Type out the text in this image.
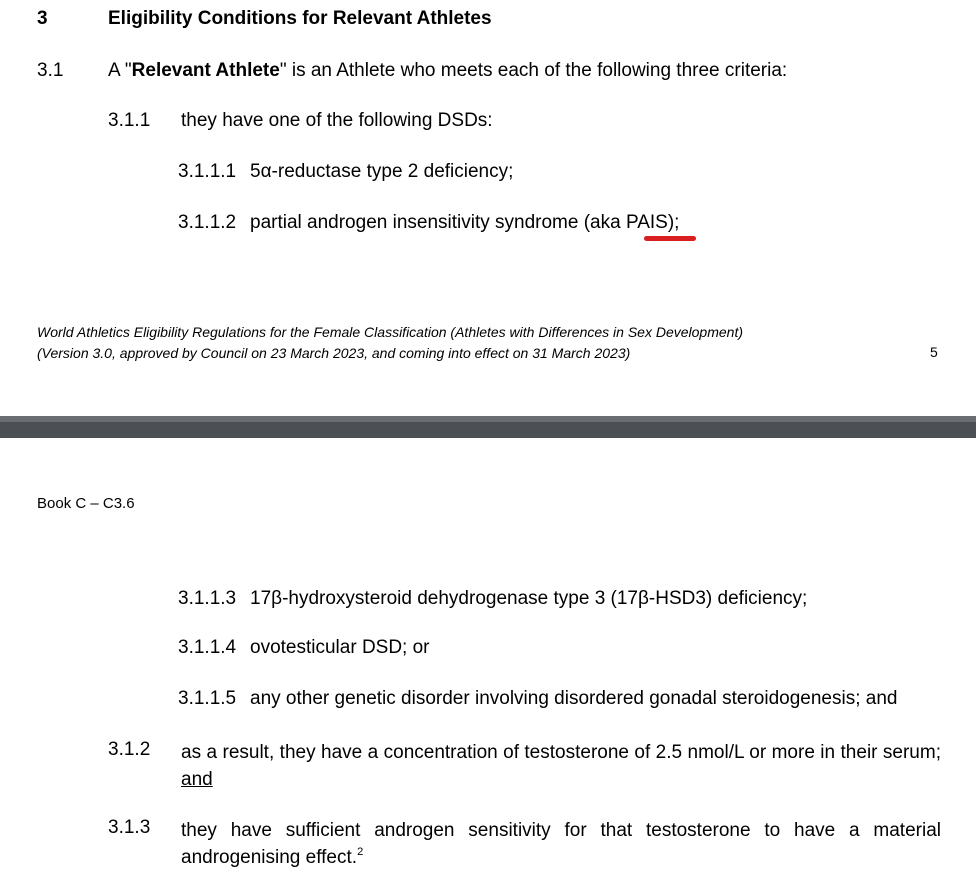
3	Eligibility Conditions for Relevant Athletes
3.1 A "Relevant Athlete" is an Athlete who meets each of the following three criteria:
3.1.1 they have one of the following DSDs:
3.1.1.1 5α-reductase type 2 deficiency;
3.1.1.2 partial androgen insensitivity syndrome (aka PAIS);
World Athletics Eligibility Regulations for the Female Classification (Athletes with Differences in Sex Development)
(Version 3.0, approved by Council on 23 March 2023, and coming into effect on 31 March 2023)	5
Book C – C3.6
3.1.1.3 17β-hydroxysteroid dehydrogenase type 3 (17β-HSD3) deficiency;
3.1.1.4 ovotesticular DSD; or
3.1.1.5 any other genetic disorder involving disordered gonadal steroidogenesis; and
3.1.2 as a result, they have a concentration of testosterone of 2.5 nmol/L or more in their serum; and
3.1.3 they have sufficient androgen sensitivity for that testosterone to have a material androgenising effect.$^2$
